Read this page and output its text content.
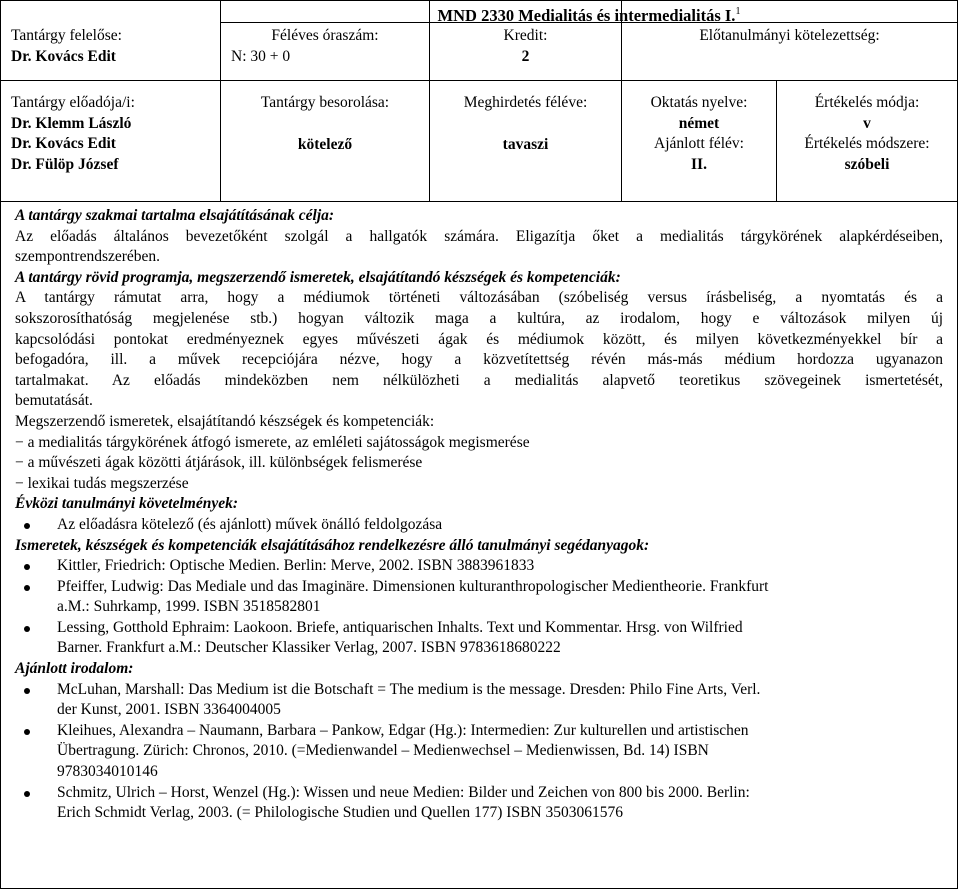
MND 2330 Medialitás és intermedialitás I.$^1$
Tantárgy felelőse:
Dr. Kovács Edit
Féléves óraszám:
N: 30 + 0
Kredit:
2
Előtanulmányi kötelezettség:
Tantárgy előadója/i:
Dr. Klemm László
Dr. Kovács Edit
Dr. Fülöp József
Tantárgy besorolása:
kötelező
Meghirdetés féléve:
tavaszi
Oktatás nyelve:
német
Ajánlott félév:
II.
Értékelés módja:
v
Értékelés módszere:
szóbeli
A tantárgy szakmai tartalma elsajátításának célja:
Az előadás általános bevezetőként szolgál a hallgatók számára. Eligazítja őket a medialitás tárgykörének alapkérdéseiben,
szempontrendszerében.
A tantárgy rövid programja, megszerzendő ismeretek, elsajátítandó készségek és kompetenciák:
A tantárgy rámutat arra, hogy a médiumok történeti változásában (szóbeliség versus írásbeliség, a nyomtatás és a
sokszorosíthatóság megjelenése stb.) hogyan változik maga a kultúra, az irodalom, hogy e változások milyen új
kapcsolódási pontokat eredményeznek egyes művészeti ágak és médiumok között, és milyen következményekkel bír a
befogadóra, ill. a művek recepciójára nézve, hogy a közvetítettség révén más-más médium hordozza ugyanazon
tartalmakat. Az előadás mindeközben nem nélkülözheti a medialitás alapvető teoretikus szövegeinek ismertetését,
bemutatását.
Megszerzendő ismeretek, elsajátítandó készségek és kompetenciák:
− a medialitás tárgykörének átfogó ismerete, az emléleti sajátosságok megismerése
− a művészeti ágak közötti átjárások, ill. különbségek felismerése
− lexikai tudás megszerzése
Évközi tanulmányi követelmények:
Az előadásra kötelező (és ajánlott) művek önálló feldolgozása
Ismeretek, készségek és kompetenciák elsajátításához rendelkezésre álló tanulmányi segédanyagok:
Kittler, Friedrich: Optische Medien. Berlin: Merve, 2002. ISBN 3883961833
Pfeiffer, Ludwig: Das Mediale und das Imaginäre. Dimensionen kulturanthropologischer Medientheorie. Frankfurt
a.M.: Suhrkamp, 1999. ISBN 3518582801
Lessing, Gotthold Ephraim: Laokoon. Briefe, antiquarischen Inhalts. Text und Kommentar. Hrsg. von Wilfried
Barner. Frankfurt a.M.: Deutscher Klassiker Verlag, 2007. ISBN 9783618680222
Ajánlott irodalom:
McLuhan, Marshall: Das Medium ist die Botschaft = The medium is the message. Dresden: Philo Fine Arts, Verl.
der Kunst, 2001. ISBN 3364004005
Kleihues, Alexandra – Naumann, Barbara – Pankow, Edgar (Hg.): Intermedien: Zur kulturellen und artistischen
Übertragung. Zürich: Chronos, 2010. (=Medienwandel – Medienwechsel – Medienwissen, Bd. 14) ISBN
9783034010146
Schmitz, Ulrich – Horst, Wenzel (Hg.): Wissen und neue Medien: Bilder und Zeichen von 800 bis 2000. Berlin:
Erich Schmidt Verlag, 2003. (= Philologische Studien und Quellen 177) ISBN 3503061576
